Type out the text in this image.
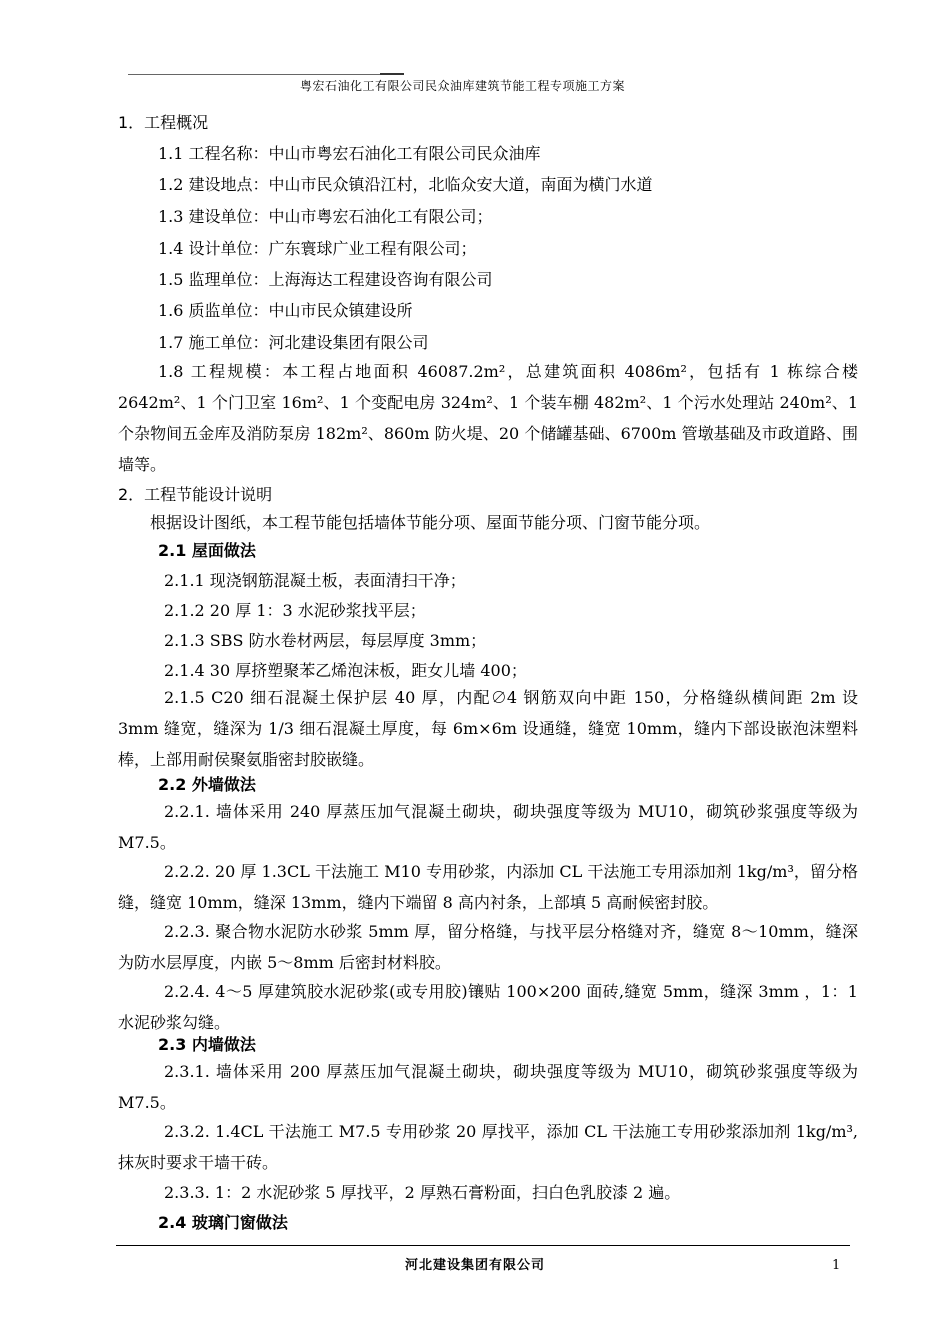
粤宏石油化工有限公司民众油库建筑节能工程专项施工方案
1．工程概况
1.1 工程名称：中山市粤宏石油化工有限公司民众油库
1.2 建设地点：中山市民众镇沿江村，北临众安大道，南面为横门水道
1.3 建设单位：中山市粤宏石油化工有限公司；
1.4 设计单位：广东寰球广业工程有限公司；
1.5 监理单位：上海海达工程建设咨询有限公司
1.6 质监单位：中山市民众镇建设所
1.7 施工单位：河北建设集团有限公司
1.8 工程规模：本工程占地面积 46087.2m²，总建筑面积 4086m²，包括有 1 栋综合楼 2642m²、1 个门卫室 16m²、1 个变配电房 324m²、1 个装车棚 482m²、1 个污水处理站 240m²、1 个杂物间五金库及消防泵房 182m²、860m 防火堤、20 个储罐基础、6700m 管墩基础及市政道路、围墙等。
2．工程节能设计说明
根据设计图纸，本工程节能包括墙体节能分项、屋面节能分项、门窗节能分项。
2.1 屋面做法
2.1.1 现浇钢筋混凝土板，表面清扫干净；
2.1.2 20 厚 1：3 水泥砂浆找平层；
2.1.3 SBS 防水卷材两层，每层厚度 3mm；
2.1.4 30 厚挤塑聚苯乙烯泡沫板，距女儿墙 400；
2.1.5 C20 细石混凝土保护层 40 厚，内配∅4 钢筋双向中距 150，分格缝纵横间距 2m 设 3mm 缝宽，缝深为 1/3 细石混凝土厚度，每 6m×6m 设通缝，缝宽 10mm，缝内下部设嵌泡沫塑料棒，上部用耐侯聚氨脂密封胶嵌缝。
2.2 外墙做法
2.2.1. 墙体采用 240 厚蒸压加气混凝土砌块，砌块强度等级为 MU10，砌筑砂浆强度等级为 M7.5。
2.2.2. 20 厚 1.3CL 干法施工 M10 专用砂浆，内添加 CL 干法施工专用添加剂 1kg/m³，留分格缝，缝宽 10mm，缝深 13mm，缝内下端留 8 高内衬条，上部填 5 高耐候密封胶。
2.2.3. 聚合物水泥防水砂浆 5mm 厚，留分格缝，与找平层分格缝对齐，缝宽 8～10mm，缝深为防水层厚度，内嵌 5～8mm 后密封材料胶。
2.2.4. 4～5 厚建筑胶水泥砂浆(或专用胶)镶贴 100×200 面砖,缝宽 5mm，缝深 3mm ，1：1 水泥砂浆勾缝。
2.3 内墙做法
2.3.1. 墙体采用 200 厚蒸压加气混凝土砌块，砌块强度等级为 MU10，砌筑砂浆强度等级为 M7.5。
2.3.2. 1.4CL 干法施工 M7.5 专用砂浆 20 厚找平，添加 CL 干法施工专用砂浆添加剂 1kg/m³,抹灰时要求干墙干砖。
2.3.3. 1：2 水泥砂浆 5 厚找平，2 厚熟石膏粉面，扫白色乳胶漆 2 遍。
2.4 玻璃门窗做法
河北建设集团有限公司	1
